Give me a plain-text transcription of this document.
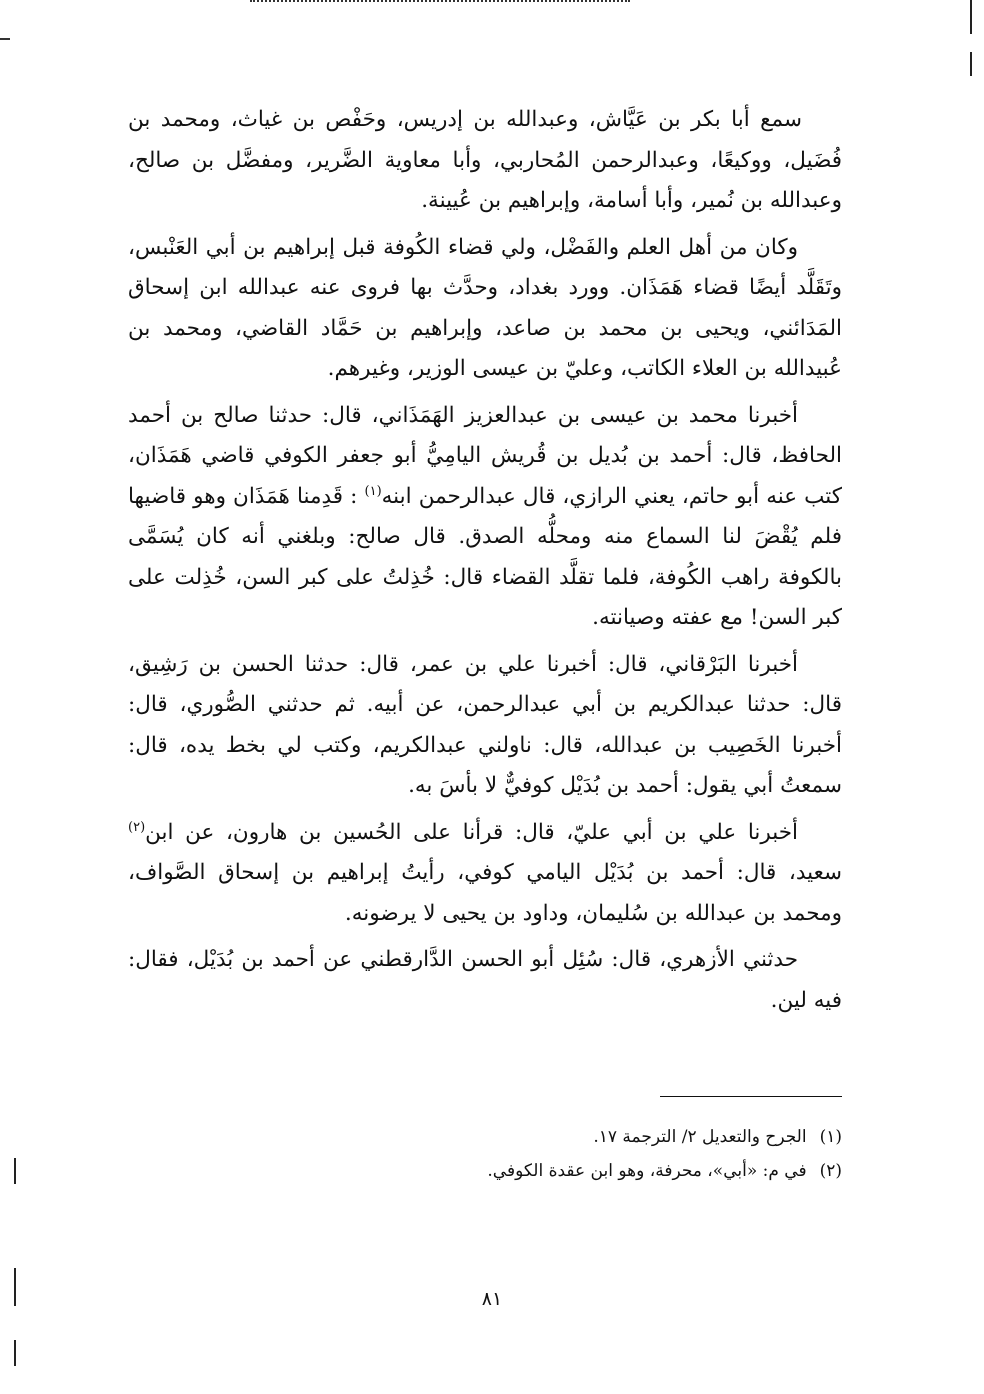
سمع أبا بكر بن عَيَّاش، وعبدالله بن إدريس، وحَفْص بن غياث، ومحمد بن فُضَيل، ووكيعًا، وعبدالرحمن المُحاربي، وأبا معاوية الضَّرير، ومفضَّل بن صالح، وعبدالله بن نُمير، وأبا أسامة، وإبراهيم بن عُيينة.

وكان من أهل العلم والفَضْل، ولي قضاء الكُوفة قبل إبراهيم بن أبي العَنْبس، وتَقَلَّد أيضًا قضاء هَمَذَان. وورد بغداد، وحدَّث بها فروى عنه عبدالله ابن إسحاق المَدَائني، ويحيى بن محمد بن صاعد، وإبراهيم بن حَمَّاد القاضي، ومحمد بن عُبيدالله بن العلاء الكاتب، وعليّ بن عيسى الوزير، وغيرهم.

أخبرنا محمد بن عيسى بن عبدالعزيز الهَمَذَاني، قال: حدثنا صالح بن أحمد الحافظ، قال: أحمد بن بُديل بن قُريش اليامِيُّ أبو جعفر الكوفي قاضي هَمَذَان، كتب عنه أبو حاتم، يعني الرازي، قال عبدالرحمن ابنه$^{(١)}$ : قَدِمنا هَمَذَان وهو قاضيها فلم يُقْضَ لنا السماع منه ومحلُّه الصدق. قال صالح: وبلغني أنه كان يُسَمَّى بالكوفة راهب الكُوفة، فلما تقلَّد القضاء قال: خُذِلتُ على كبر السن، خُذِلت على كبر السن! مع عفته وصيانته.

أخبرنا البَرْقاني، قال: أخبرنا علي بن عمر، قال: حدثنا الحسن بن رَشِيق، قال: حدثنا عبدالكريم بن أبي عبدالرحمن، عن أبيه. ثم حدثني الصُّوري، قال: أخبرنا الخَصِيب بن عبدالله، قال: ناولني عبدالكريم، وكتب لي بخط يده، قال: سمعتُ أبي يقول: أحمد بن بُدَيْل كوفيٌّ لا بأسَ به.

أخبرنا علي بن أبي عليّ، قال: قرأنا على الحُسين بن هارون، عن ابن$^{(٢)}$ سعيد، قال: أحمد بن بُدَيْل اليامي كوفي، رأيتُ إبراهيم بن إسحاق الصَّواف، ومحمد بن عبدالله بن سُليمان، وداود بن يحيى لا يرضونه.

حدثني الأزهري، قال: سُئِل أبو الحسن الدَّارقطني عن أحمد بن بُدَيْل، فقال: فيه لين.

(١) الجرح والتعديل ٢/ الترجمة ١٧.
(٢) في م: «أبي»، محرفة، وهو ابن عقدة الكوفي.
٨١
